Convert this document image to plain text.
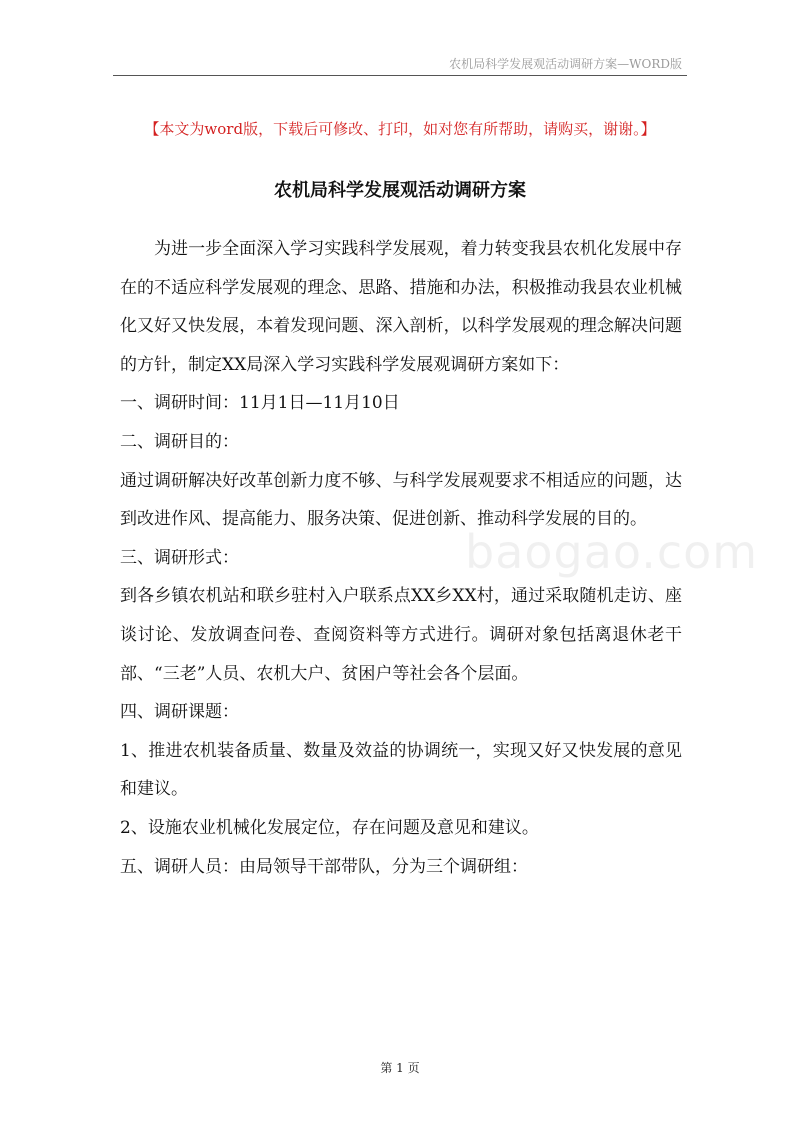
农机局科学发展观活动调研方案—WORD版
【本文为word版，下载后可修改、打印，如对您有所帮助，请购买，谢谢。】
农机局科学发展观活动调研方案
baogao.com

为进一步全面深入学习实践科学发展观，着力转变我县农机化发展中存在的不适应科学发展观的理念、思路、措施和办法，积极推动我县农业机械化又好又快发展，本着发现问题、深入剖析，以科学发展观的理念解决问题的方针，制定XX局深入学习实践科学发展观调研方案如下：

一、调研时间：11月1日—11月10日

二、调研目的：

通过调研解决好改革创新力度不够、与科学发展观要求不相适应的问题，达到改进作风、提高能力、服务决策、促进创新、推动科学发展的目的。

三、调研形式：

到各乡镇农机站和联乡驻村入户联系点XX乡XX村，通过采取随机走访、座谈讨论、发放调查问卷、查阅资料等方式进行。调研对象包括离退休老干部、“三老”人员、农机大户、贫困户等社会各个层面。

四、调研课题：

1、推进农机装备质量、数量及效益的协调统一，实现又好又快发展的意见和建议。

2、设施农业机械化发展定位，存在问题及意见和建议。

五、调研人员：由局领导干部带队，分为三个调研组：

第 1 页
